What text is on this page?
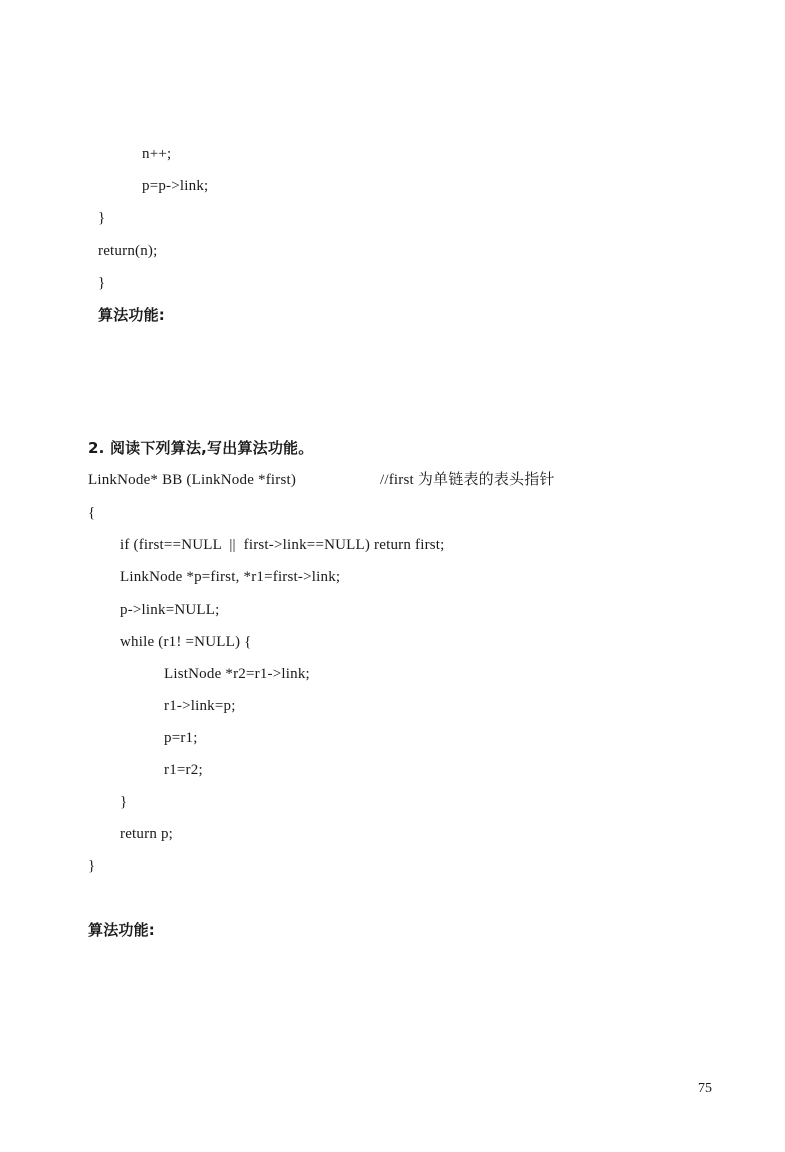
n++;
p=p->link;
}
return(n);
}
算法功能:
2. 阅读下列算法,写出算法功能。
LinkNode* BB (LinkNode *first)	//first 为单链表的表头指针
{
if (first==NULL  ||  first->link==NULL) return first;
LinkNode *p=first, *r1=first->link;
p->link=NULL;
while (r1! =NULL) {
ListNode *r2=r1->link;
r1->link=p;
p=r1;
r1=r2;
}
return p;
}
算法功能:
75
